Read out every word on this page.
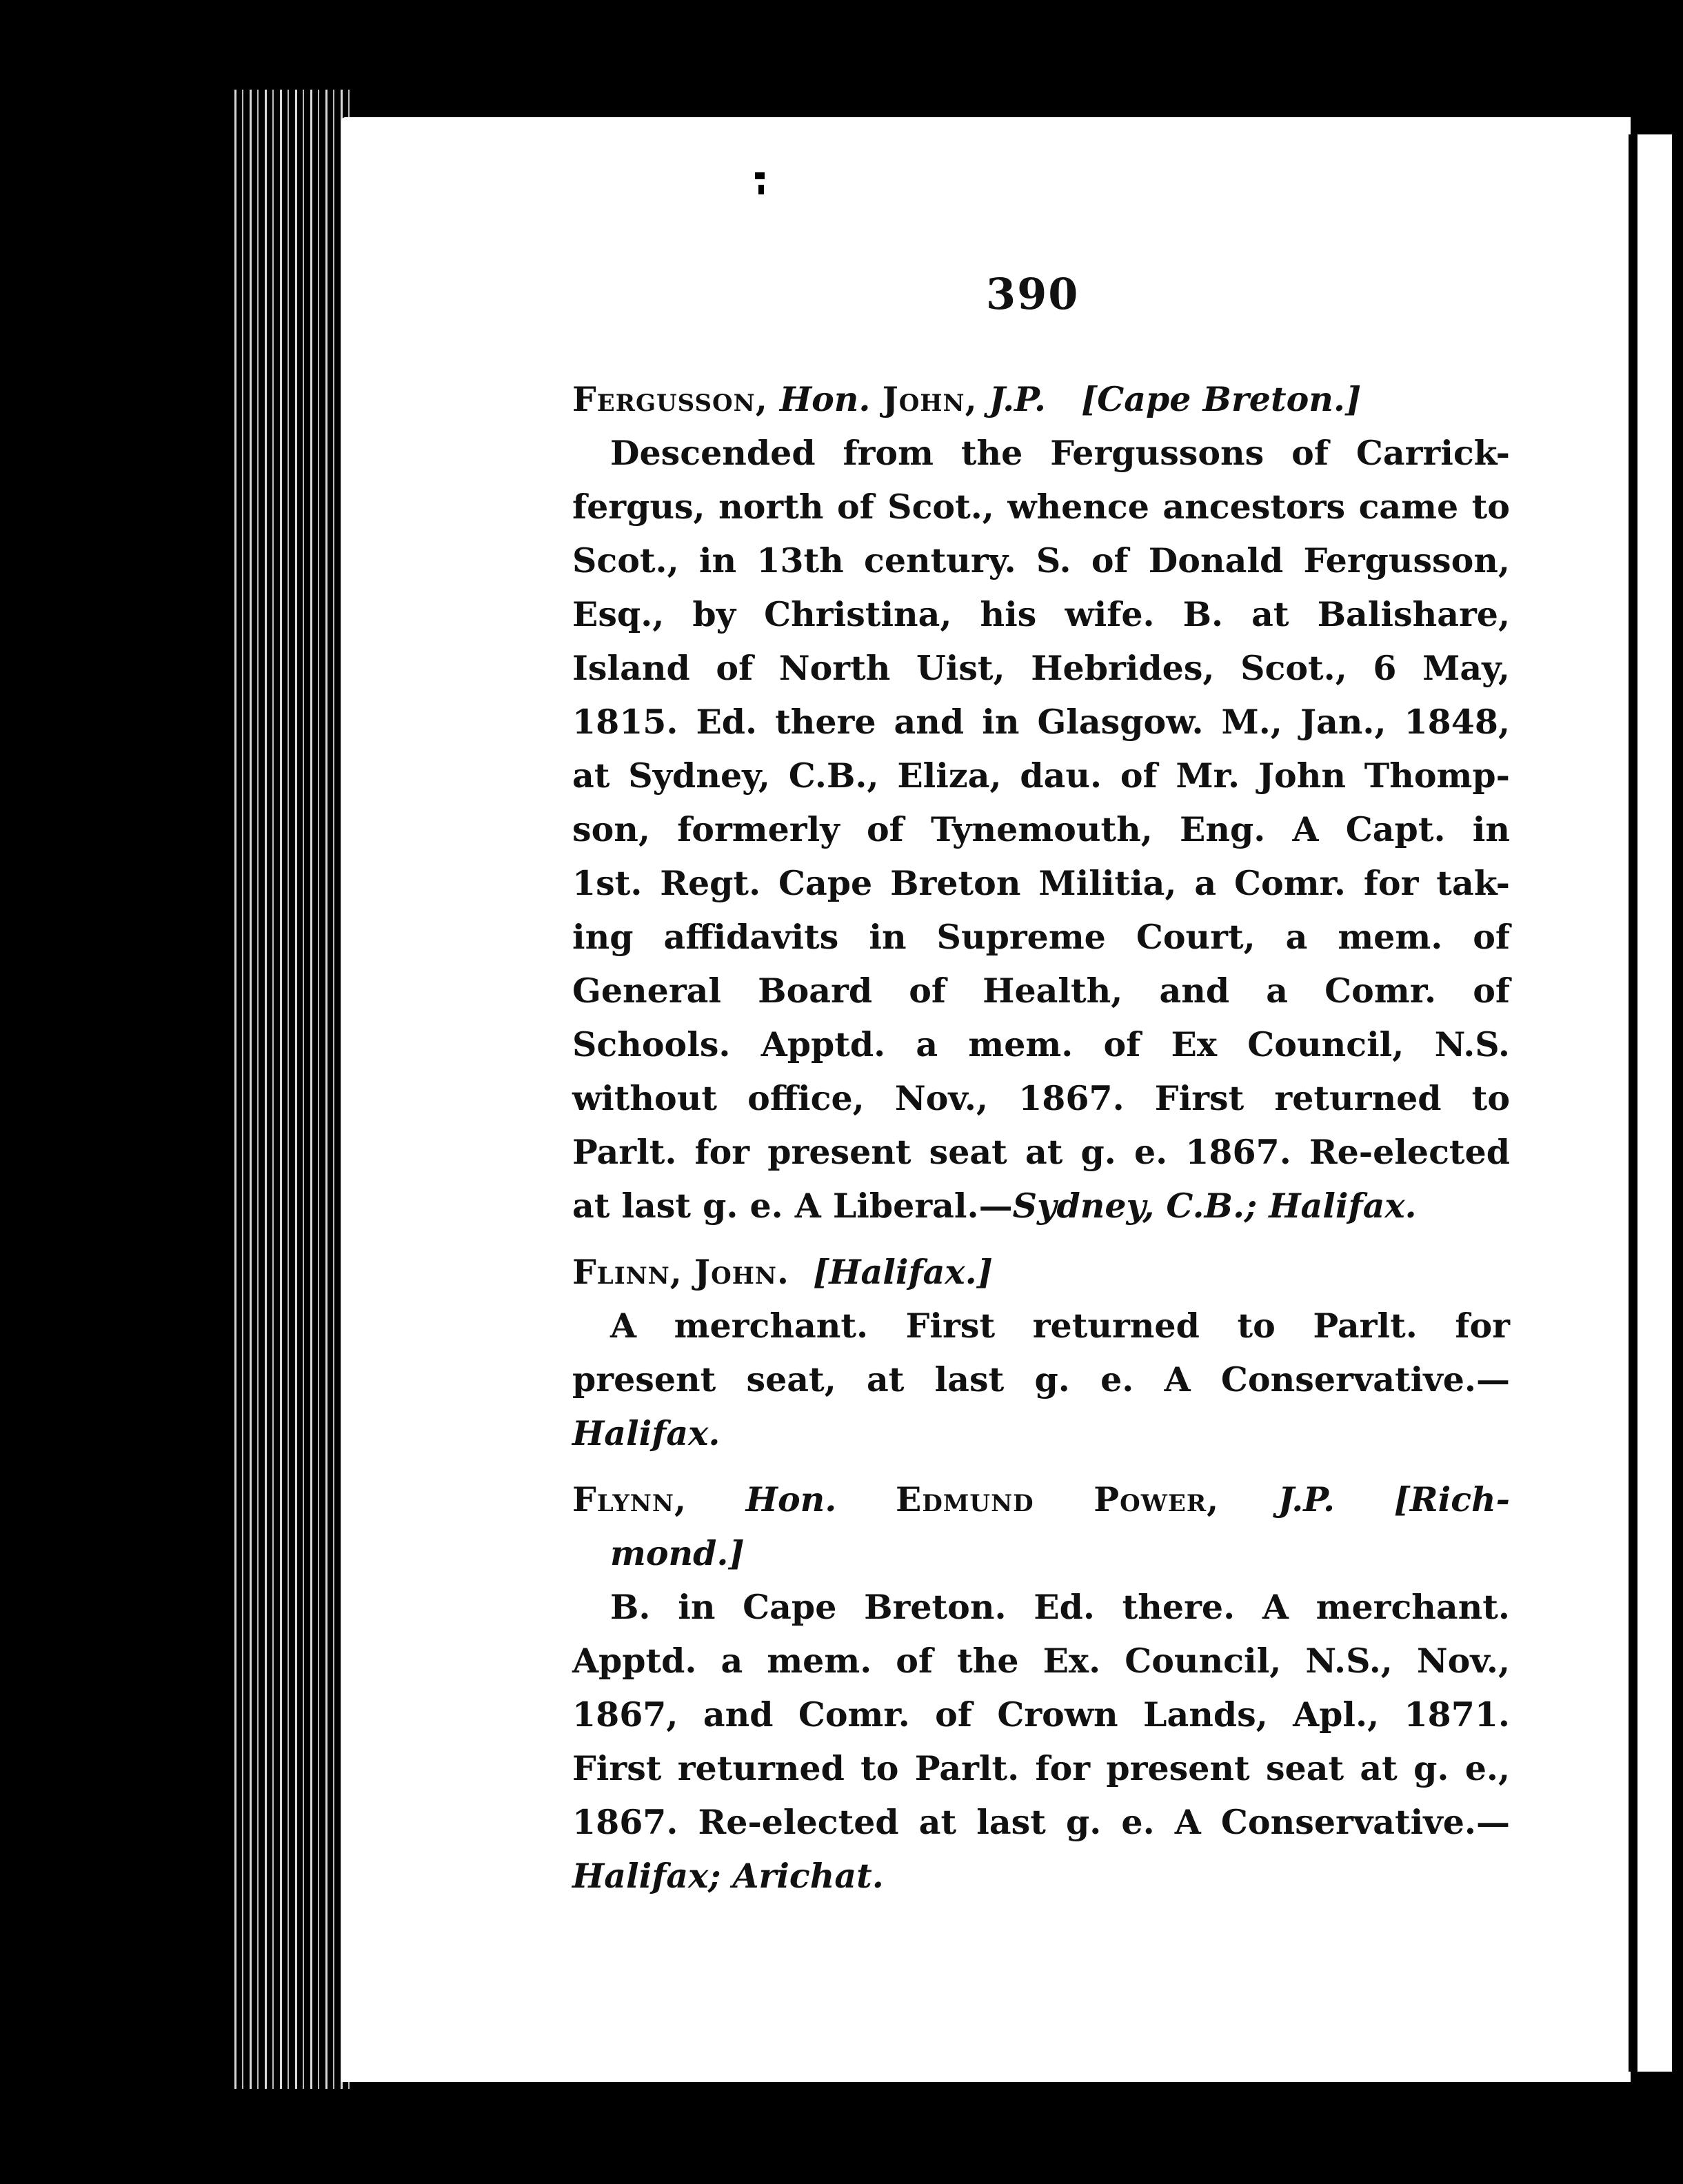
390

Fergusson, Hon. John, J.P. [Cape Breton.]

Descended from the Fergussons of Carrick-

fergus, north of Scot., whence ancestors came to

Scot., in 13th century. S. of Donald Fergusson,

Esq., by Christina, his wife. B. at Balishare,

Island of North Uist, Hebrides, Scot., 6 May,

1815. Ed. there and in Glasgow. M., Jan., 1848,

at Sydney, C.B., Eliza, dau. of Mr. John Thomp-

son, formerly of Tynemouth, Eng. A Capt. in

1st. Regt. Cape Breton Militia, a Comr. for tak-

ing affidavits in Supreme Court, a mem. of

General Board of Health, and a Comr. of

Schools. Apptd. a mem. of Ex Council, N.S.

without office, Nov., 1867. First returned to

Parlt. for present seat at g. e. 1867. Re-elected

at last g. e. A Liberal.—Sydney, C.B.; Halifax.

Flinn, John. [Halifax.]

A merchant. First returned to Parlt. for

present seat, at last g. e. A Conservative.—

Halifax.

Flynn, Hon. Edmund Power, J.P. [Rich-

mond.]

B. in Cape Breton. Ed. there. A merchant.

Apptd. a mem. of the Ex. Council, N.S., Nov.,

1867, and Comr. of Crown Lands, Apl., 1871.

First returned to Parlt. for present seat at g. e.,

1867. Re-elected at last g. e. A Conservative.—

Halifax; Arichat.
